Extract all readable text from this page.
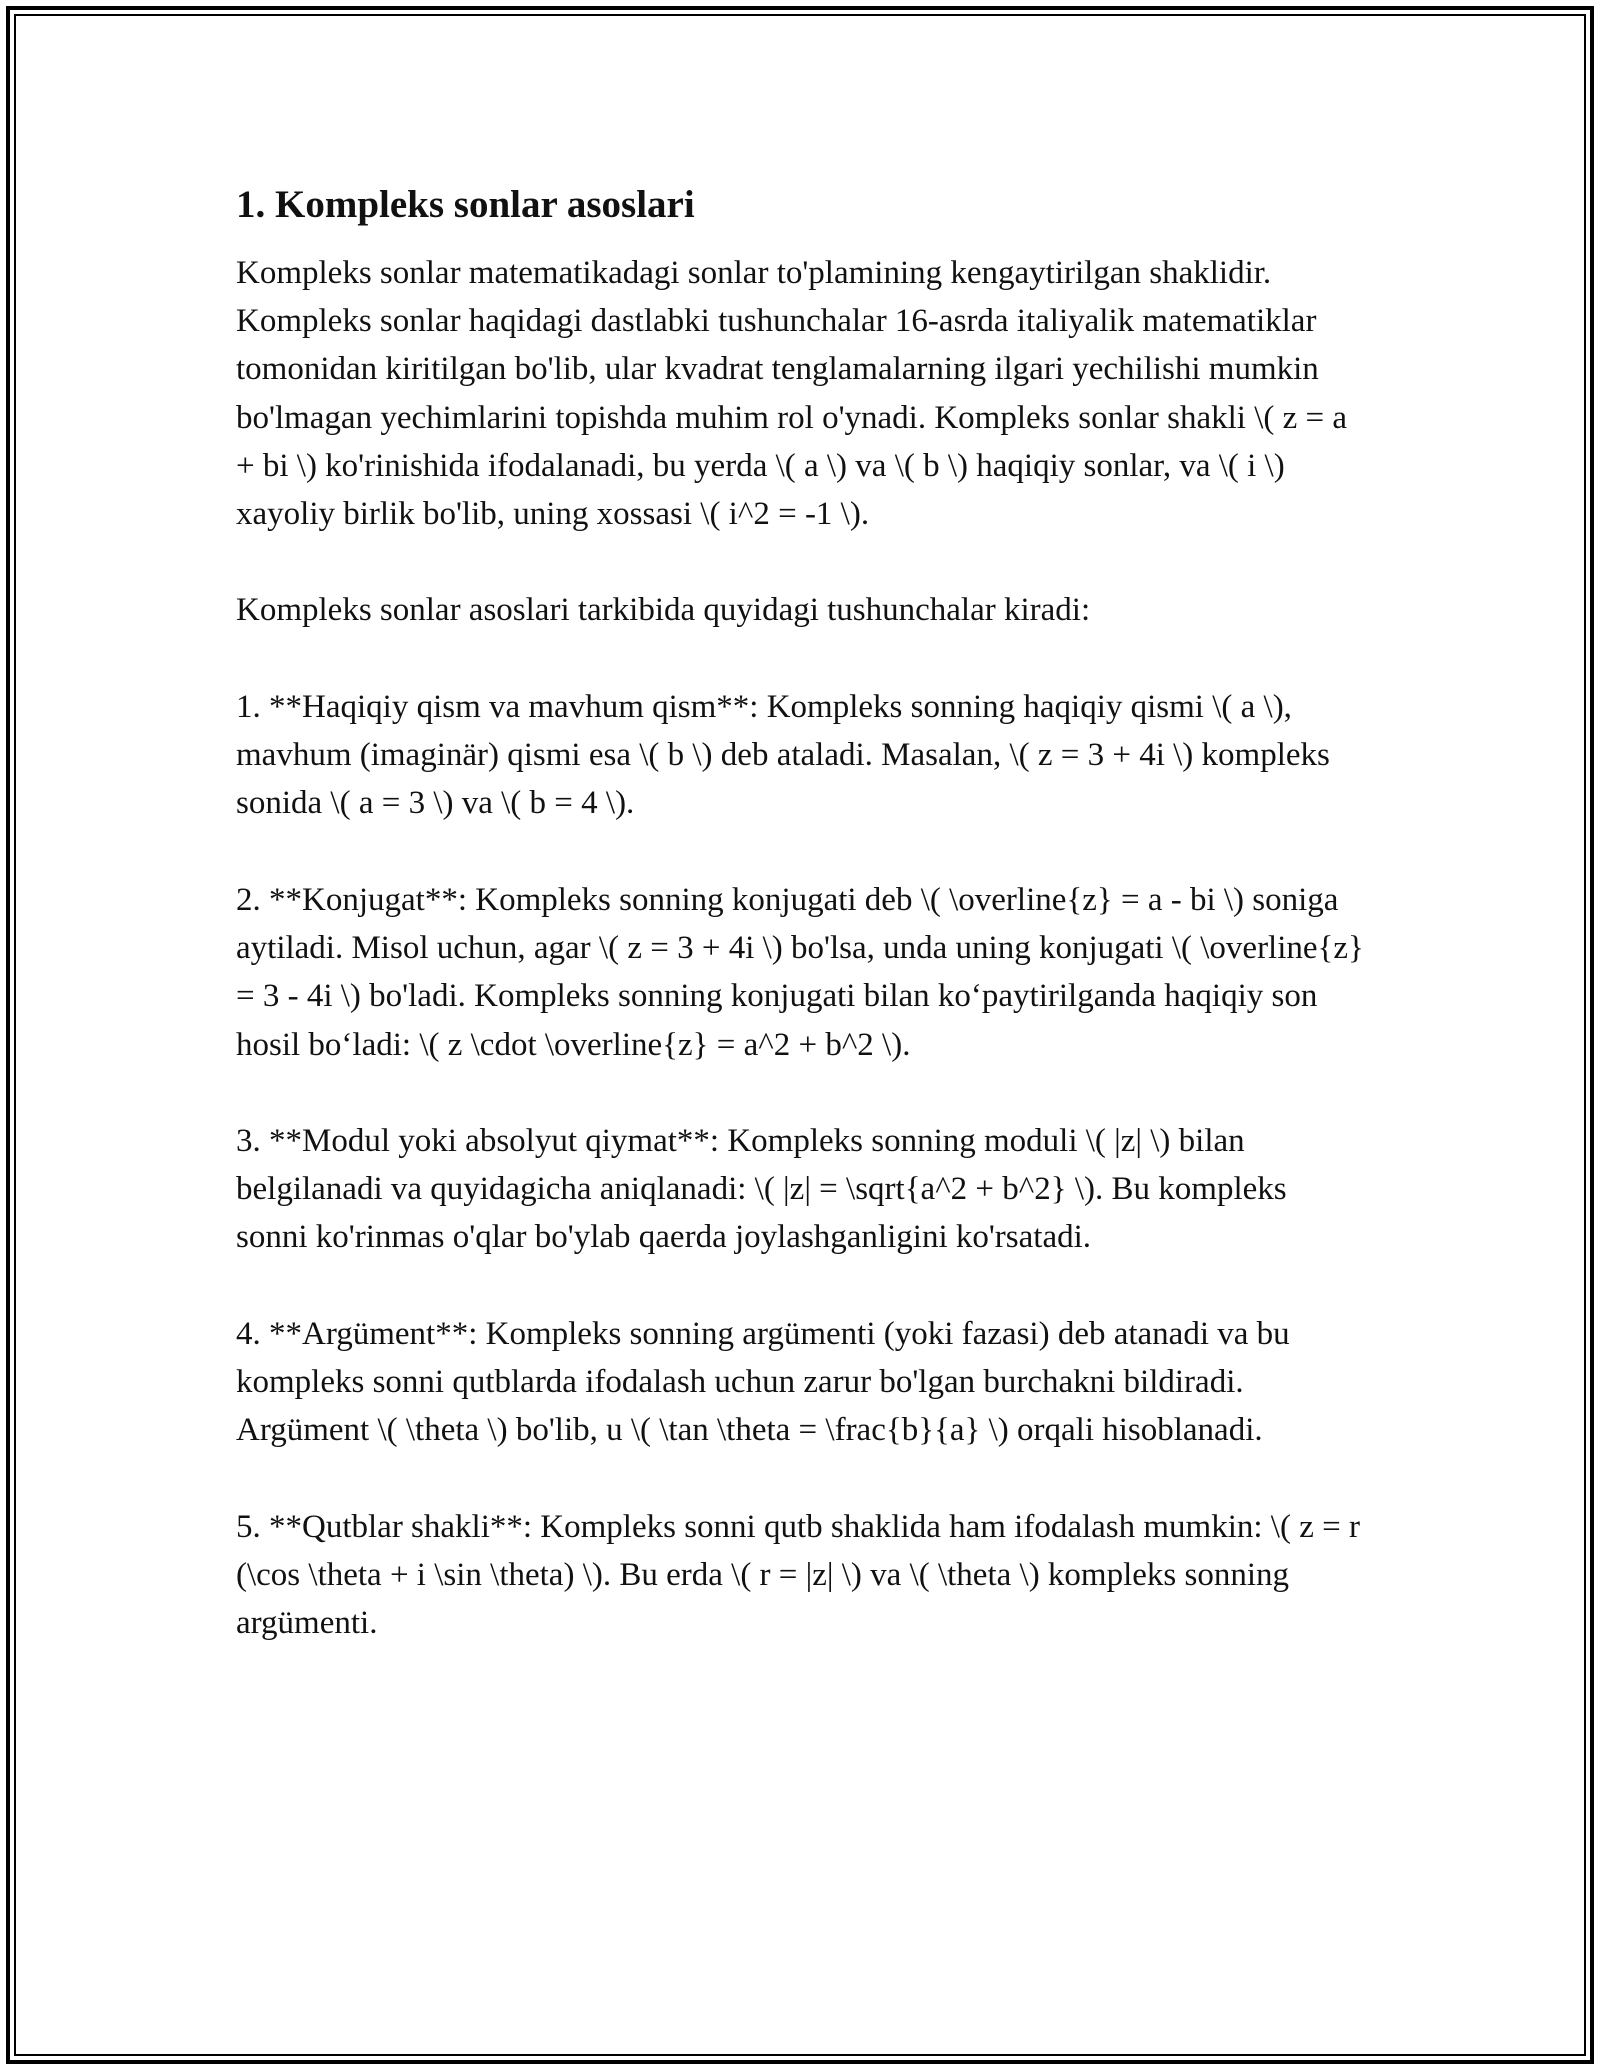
1. Kompleks sonlar asoslari

Kompleks sonlar matematikadagi sonlar to'plamining kengaytirilgan shaklidir. Kompleks sonlar haqidagi dastlabki tushunchalar 16-asrda italiyalik matematiklar tomonidan kiritilgan bo'lib, ular kvadrat tenglamalarning ilgari yechilishi mumkin bo'lmagan yechimlarini topishda muhim rol o'ynadi. Kompleks sonlar shakli \( z = a + bi \) ko'rinishida ifodalanadi, bu yerda \( a \) va \( b \) haqiqiy sonlar, va \( i \) xayoliy birlik bo'lib, uning xossasi \( i^2 = -1 \).

Kompleks sonlar asoslari tarkibida quyidagi tushunchalar kiradi:

1. **Haqiqiy qism va mavhum qism**: Kompleks sonning haqiqiy qismi \( a \), mavhum (imaginär) qismi esa \( b \) deb ataladi. Masalan, \( z = 3 + 4i \) kompleks sonida \( a = 3 \) va \( b = 4 \).

2. **Konjugat**: Kompleks sonning konjugati deb \( \overline{z} = a - bi \) soniga aytiladi. Misol uchun, agar \( z = 3 + 4i \) bo'lsa, unda uning konjugati \( \overline{z} = 3 - 4i \) bo'ladi. Kompleks sonning konjugati bilan ko‘paytirilganda haqiqiy son hosil bo‘ladi: \( z \cdot \overline{z} = a^2 + b^2 \).

3. **Modul yoki absolyut qiymat**: Kompleks sonning moduli \( |z| \) bilan belgilanadi va quyidagicha aniqlanadi: \( |z| = \sqrt{a^2 + b^2} \). Bu kompleks sonni ko'rinmas o'qlar bo'ylab qaerda joylashganligini ko'rsatadi.

4. **Argüment**: Kompleks sonning argümenti (yoki fazasi) deb atanadi va bu kompleks sonni qutblarda ifodalash uchun zarur bo'lgan burchakni bildiradi. Argüment \( \theta \) bo'lib, u \( \tan \theta = \frac{b}{a} \) orqali hisoblanadi.

5. **Qutblar shakli**: Kompleks sonni qutb shaklida ham ifodalash mumkin: \( z = r (\cos \theta + i \sin \theta) \). Bu erda \( r = |z| \) va \( \theta \) kompleks sonning argümenti.
